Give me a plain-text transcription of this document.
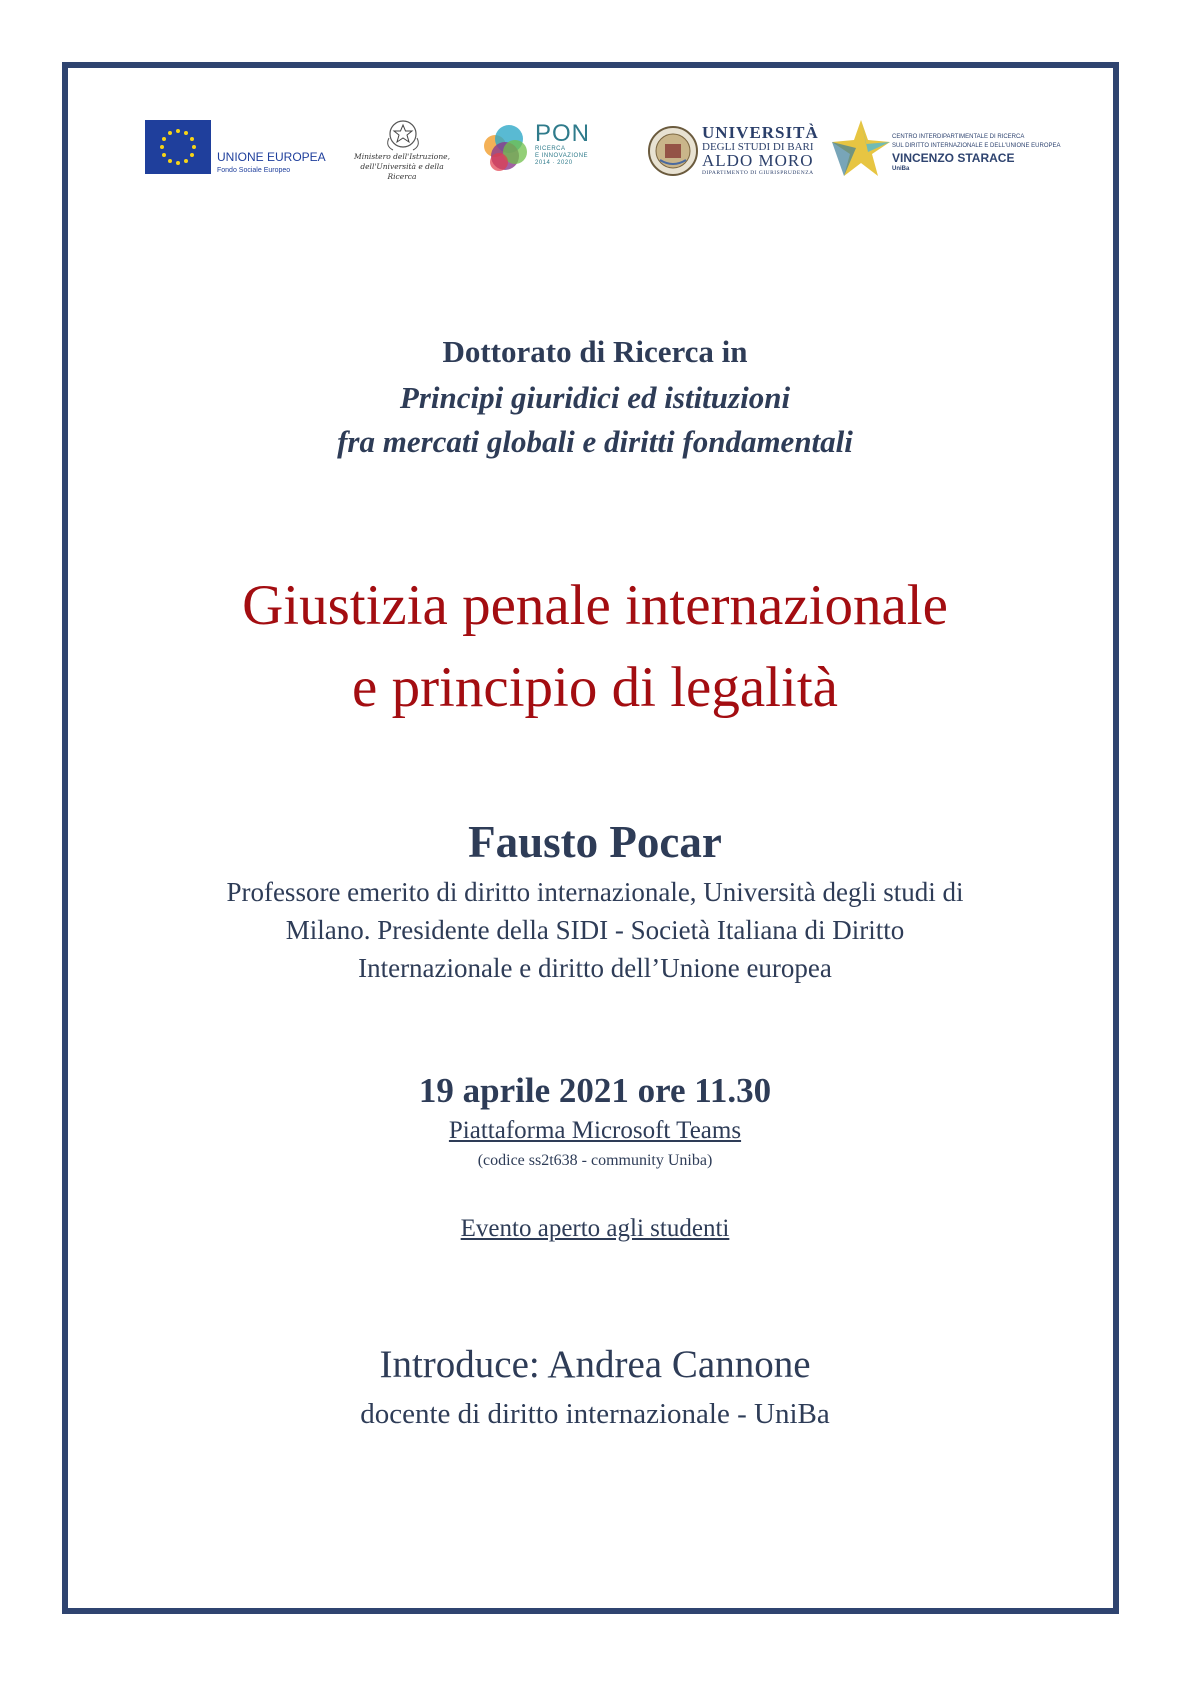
UNIONE EUROPEA
Fondo Sociale Europeo
Ministero dell'Istruzione,
dell'Università e della Ricerca
PON
RICERCA
E INNOVAZIONE
2014 · 2020
UNIVERSITÀ
DEGLI STUDI DI BARI
ALDO MORO
DIPARTIMENTO DI GIURISPRUDENZA
CENTRO INTERDIPARTIMENTALE DI RICERCA
SUL DIRITTO INTERNAZIONALE E DELL'UNIONE EUROPEA
VINCENZO STARACE
UniBa
Dottorato di Ricerca in
Principi giuridici ed istituzioni
fra mercati globali e diritti fondamentali
Giustizia penale internazionale
e principio di legalità
Fausto Pocar
Professore emerito di diritto internazionale, Università degli studi di
Milano. Presidente della SIDI - Società Italiana di Diritto
Internazionale e diritto dell’Unione europea
19 aprile 2021 ore 11.30
Piattaforma Microsoft Teams
(codice ss2t638 - community Uniba)
Evento aperto agli studenti
Introduce: Andrea Cannone
docente di diritto internazionale - UniBa
